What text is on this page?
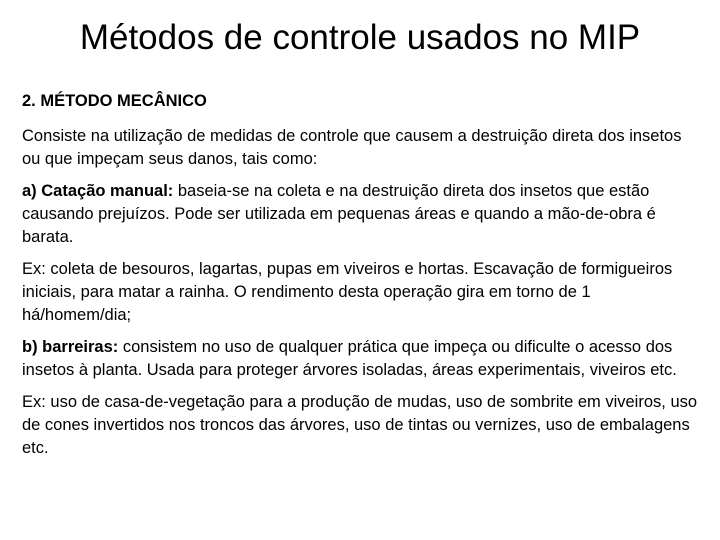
Métodos de controle usados no MIP

2. MÉTODO MECÂNICO

Consiste na utilização de medidas de controle que causem a destruição direta dos insetos ou que impeçam seus danos, tais como:

a) Catação manual: baseia-se na coleta e na destruição direta dos insetos que estão causando prejuízos. Pode ser utilizada em pequenas áreas e quando a mão-de-obra é barata.

Ex: coleta de besouros, lagartas, pupas em viveiros e hortas. Escavação de formigueiros iniciais, para matar a rainha. O rendimento desta operação gira em torno de 1 há/homem/dia;

b) barreiras: consistem no uso de qualquer prática que impeça ou dificulte o acesso dos insetos à planta. Usada para proteger árvores isoladas, áreas experimentais, viveiros etc.

Ex: uso de casa-de-vegetação para a produção de mudas, uso de sombrite em viveiros, uso de cones invertidos nos troncos das árvores, uso de tintas ou vernizes, uso de embalagens etc.
